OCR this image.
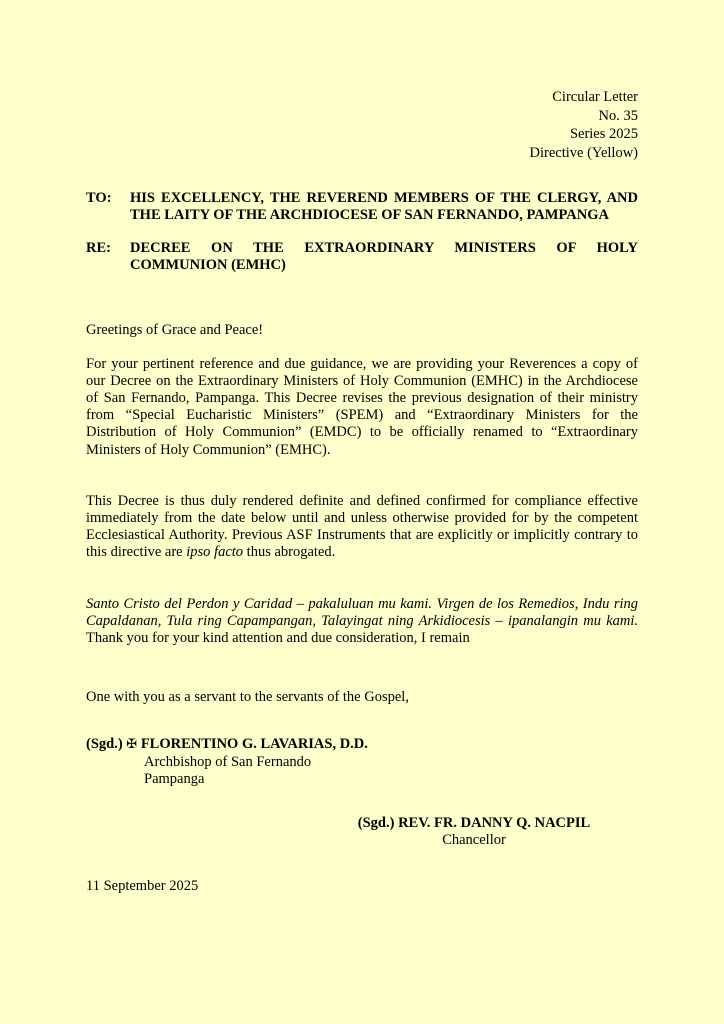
Circular Letter
No. 35
Series 2025
Directive (Yellow)
TO:	HIS EXCELLENCY, THE REVEREND MEMBERS OF THE CLERGY, AND
THE LAITY OF THE ARCHDIOCESE OF SAN FERNANDO, PAMPANGA
RE:	DECREE ON THE EXTRAORDINARY MINISTERS OF HOLY
COMMUNION (EMHC)

Greetings of Grace and Peace!

For your pertinent reference and due guidance, we are providing your Reverences a copy of our Decree on the Extraordinary Ministers of Holy Communion (EMHC) in the Archdiocese of San Fernando, Pampanga. This Decree revises the previous designation of their ministry from “Special Eucharistic Ministers” (SPEM) and “Extraordinary Ministers for the Distribution of Holy Communion” (EMDC) to be officially renamed to “Extraordinary Ministers of Holy Communion” (EMHC).

This Decree is thus duly rendered definite and defined confirmed for compliance effective immediately from the date below until and unless otherwise provided for by the competent Ecclesiastical Authority. Previous ASF Instruments that are explicitly or implicitly contrary to this directive are ipso facto thus abrogated.

Santo Cristo del Perdon y Caridad – pakaluluan mu kami. Virgen de los Remedios, Indu ring Capaldanan, Tula ring Capampangan, Talayingat ning Arkidiocesis – ipanalangin mu kami. Thank you for your kind attention and due consideration, I remain

One with you as a servant to the servants of the Gospel,

(Sgd.) ✠ FLORENTINO G. LAVARIAS, D.D.
Archbishop of San Fernando
Pampanga
(Sgd.) REV. FR. DANNY Q. NACPIL
Chancellor
11 September 2025
